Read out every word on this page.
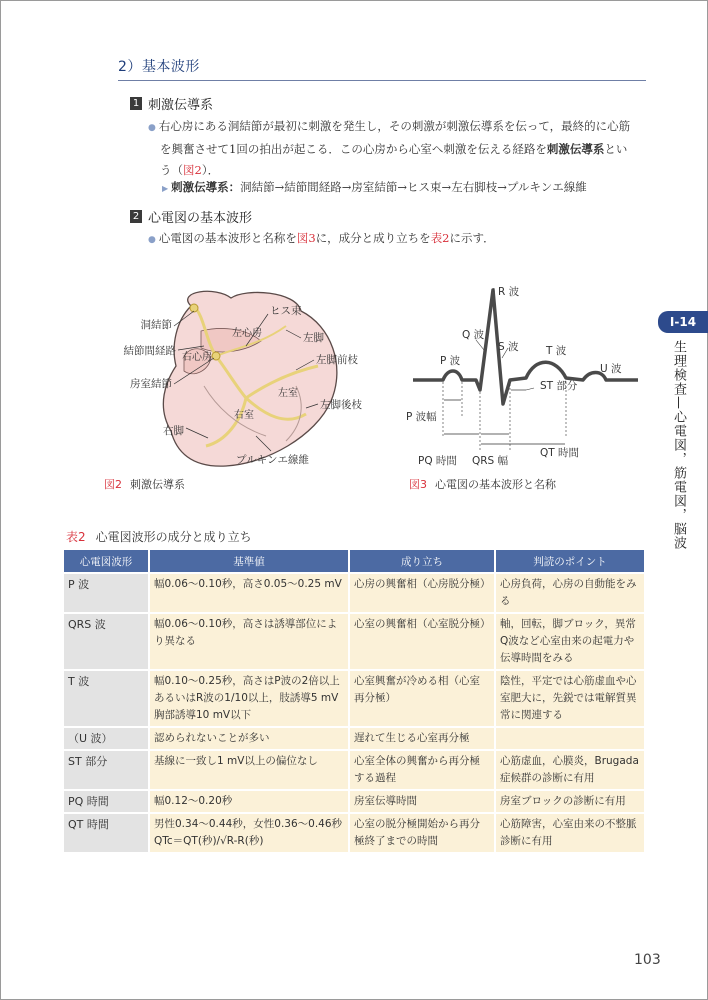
2）基本波形
1 刺激伝導系
● 右心房にある洞結節が最初に刺激を発生し，その刺激が刺激伝導系を伝って，最終的に心筋
を興奮させて1回の拍出が起こる．この心房から心室へ刺激を伝える経路を刺激伝導系とい
う（図2）．
▶ 刺激伝導系：洞結節→結節間経路→房室結節→ヒス束→左右脚枝→プルキンエ線維
2 心電図の基本波形
● 心電図の基本波形と名称を図3に，成分と成り立ちを表2に示す．
洞結節
結節間経路
房室結節
右脚
ヒス束
左脚
左脚前枝
左脚後枝
プルキンエ線維
左心房
右心房
左室
右室
図2 刺激伝導系
R 波
Q 波
S 波
P 波
T 波
U 波
ST 部分
P 波幅
PQ 時間 QRS 幅
QT 時間
図3 心電図の基本波形と名称
I-14
生理検査—心電図，筋電図，脳波
表2 心電図波形の成分と成り立ち
心電図波形	基準値	成り立ち	判読のポイント
P 波	幅0.06～0.10秒，高さ0.05～0.25 mV	心房の興奮相（心房脱分極）	心房負荷，心房の自動能をみる
QRS 波	幅0.06～0.10秒，高さは誘導部位により異なる	心室の興奮相（心室脱分極）	軸，回転，脚ブロック，異常Q波など心室由来の起電力や伝導時間をみる
T 波	幅0.10～0.25秒，高さはP波の2倍以上あるいはR波の1/10以上，肢誘導5 mV胸部誘導10 mV以下	心室興奮が冷める相（心室再分極）	陰性，平定では心筋虚血や心室肥大に，先鋭では電解質異常に関連する
（U 波）	認められないことが多い	遅れて生じる心室再分極	
ST 部分	基線に一致し1 mV以上の偏位なし	心室全体の興奮から再分極する過程	心筋虚血，心膜炎，Brugada症候群の診断に有用
PQ 時間	幅0.12～0.20秒	房室伝導時間	房室ブロックの診断に有用
QT 時間	男性0.34～0.44秒，女性0.36～0.46秒 QTc＝QT(秒)/√R-R(秒)	心室の脱分極開始から再分極終了までの時間	心筋障害，心室由来の不整脈診断に有用
103
